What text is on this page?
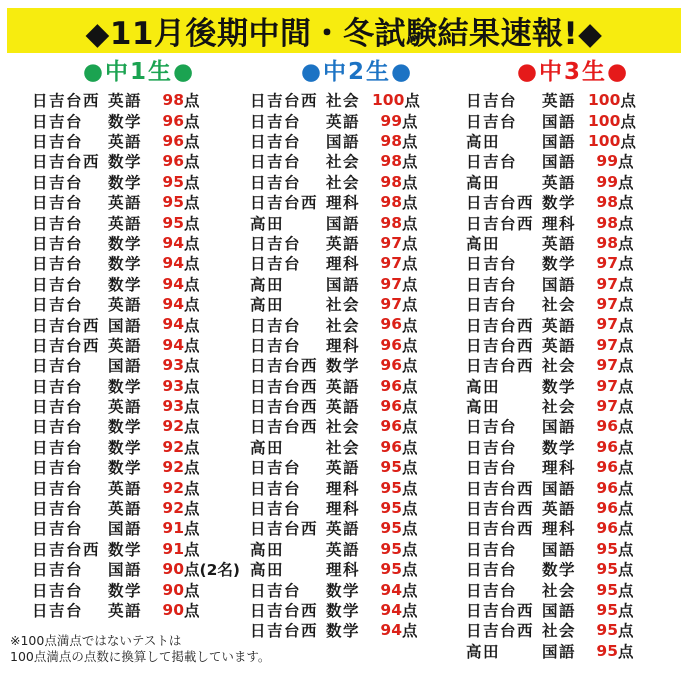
◆11月後期中間・冬試験結果速報!◆
●中1生●
日吉台西 英語	98 点
日吉台	数学	96 点
日吉台	英語	96 点
日吉台西 数学	96 点
日吉台	数学	95 点
日吉台	英語	95 点
日吉台	英語	95 点
日吉台	数学	94 点
日吉台	数学	94 点
日吉台	数学	94 点
日吉台	英語	94 点
日吉台西 国語	94 点
日吉台西 英語	94 点
日吉台	国語	93 点
日吉台	数学	93 点
日吉台	英語	93 点
日吉台	数学	92 点
日吉台	数学	92 点
日吉台	数学	92 点
日吉台	英語	92 点
日吉台	英語	92 点
日吉台	国語	91 点
日吉台西 数学	91 点
日吉台	国語	90 点 (2名)
日吉台	数学	90 点
日吉台	英語	90 点
●中2生●
日吉台西 社会 100 点
日吉台	英語	99 点
日吉台	国語	98 点
日吉台	社会	98 点
日吉台	社会	98 点
日吉台西 理科	98 点
高田	国語	98 点
日吉台	英語	97 点
日吉台	理科	97 点
高田	国語	97 点
高田	社会	97 点
日吉台	社会	96 点
日吉台	理科	96 点
日吉台西 数学	96 点
日吉台西 英語	96 点
日吉台西 英語	96 点
日吉台西 社会	96 点
高田	社会	96 点
日吉台	英語	95 点
日吉台	理科	95 点
日吉台	理科	95 点
日吉台西 英語	95 点
高田	英語	95 点
高田	理科	95 点
日吉台	数学	94 点
日吉台西 数学	94 点
日吉台西 数学	94 点
●中3生●
日吉台	英語 100 点
日吉台	国語 100 点
高田	国語 100 点
日吉台	国語	99 点
高田	英語	99 点
日吉台西 数学	98 点
日吉台西 理科	98 点
高田	英語	98 点
日吉台	数学	97 点
日吉台	国語	97 点
日吉台	社会	97 点
日吉台西 英語	97 点
日吉台西 英語	97 点
日吉台西 社会	97 点
高田	数学	97 点
高田	社会	97 点
日吉台	国語	96 点
日吉台	数学	96 点
日吉台	理科	96 点
日吉台西 国語	96 点
日吉台西 英語	96 点
日吉台西 理科	96 点
日吉台	国語	95 点
日吉台	数学	95 点
日吉台	社会	95 点
日吉台西 国語	95 点
日吉台西 社会	95 点
高田	国語	95 点
※100点満点ではないテストは
100点満点の点数に換算して掲載しています。
